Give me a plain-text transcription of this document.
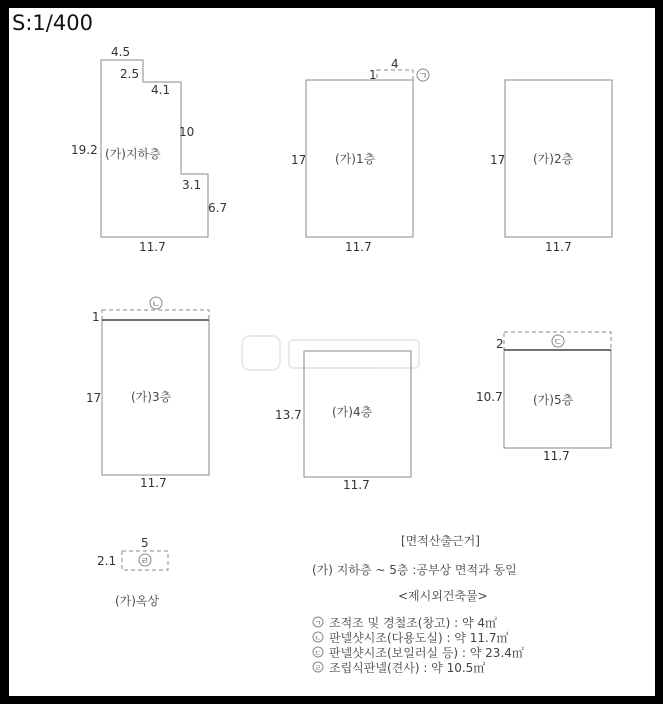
S:1/400
4.5
2.5
4.1
19.2
10
3.1
6.7
11.7
(가)지하층
1
4
ㄱ
17
11.7
(가)1층	17
11.7
(가)2층
ㄴ
1
17
11.7
(가)3층
13.7
11.7
(가)4층
ㄷ
2
10.7
11.7
(가)5층
ㄹ
5
2.1
(가)옥상
[면적산출근거]
(가) 지하층 ~ 5층 :공부상 면적과 동일
<제시외건축물>
ㄱ 조적조 및 경철조(창고) : 약 4㎡
ㄴ 판넬샷시조(다용도실) : 약 11.7㎡
ㄷ 판넬샷시조(보일러실 등) : 약 23.4㎡
ㄹ 조립식판넬(견사) : 약 10.5㎡
